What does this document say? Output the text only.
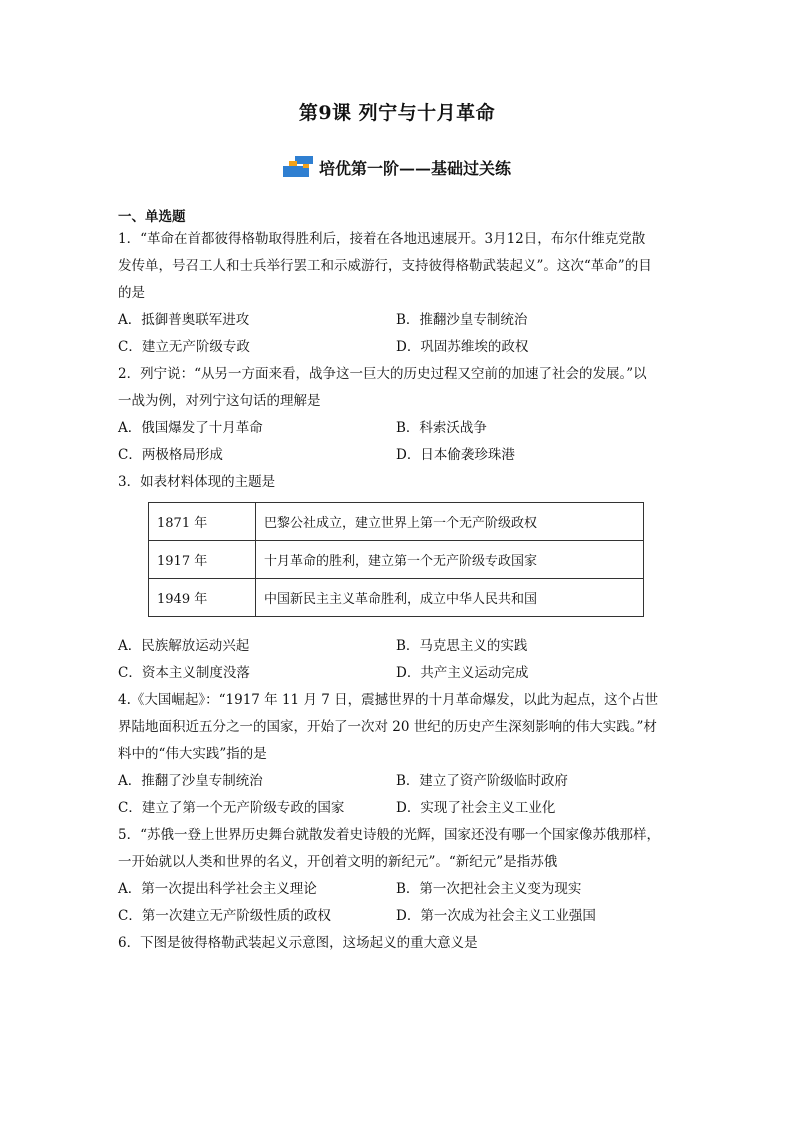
第9课 列宁与十月革命
培优第一阶——基础过关练
一、单选题
1．“革命在首都彼得格勒取得胜利后，接着在各地迅速展开。3月12日，布尔什维克党散
发传单，号召工人和士兵举行罢工和示威游行，支持彼得格勒武装起义”。这次“革命”的目
的是
A．抵御普奥联军进攻	B．推翻沙皇专制统治
C．建立无产阶级专政	D．巩固苏维埃的政权
2．列宁说：“从另一方面来看，战争这一巨大的历史过程又空前的加速了社会的发展。”以
一战为例，对列宁这句话的理解是
A．俄国爆发了十月革命	B．科索沃战争
C．两极格局形成	D．日本偷袭珍珠港
3．如表材料体现的主题是
1871 年	巴黎公社成立，建立世界上第一个无产阶级政权
1917 年	十月革命的胜利，建立第一个无产阶级专政国家
1949 年	中国新民主主义革命胜利，成立中华人民共和国
A．民族解放运动兴起	B．马克思主义的实践
C．资本主义制度没落	D．共产主义运动完成
4.《大国崛起》：“1917 年 11 月 7 日，震撼世界的十月革命爆发，以此为起点，这个占世
界陆地面积近五分之一的国家，开始了一次对 20 世纪的历史产生深刻影响的伟大实践。”材
料中的“伟大实践”指的是
A．推翻了沙皇专制统治	B．建立了资产阶级临时政府
C．建立了第一个无产阶级专政的国家	D．实现了社会主义工业化
5．“苏俄一登上世界历史舞台就散发着史诗般的光辉，国家还没有哪一个国家像苏俄那样，
一开始就以人类和世界的名义，开创着文明的新纪元”。“新纪元”是指苏俄
A．第一次提出科学社会主义理论	B．第一次把社会主义变为现实
C．第一次建立无产阶级性质的政权	D．第一次成为社会主义工业强国
6．下图是彼得格勒武装起义示意图，这场起义的重大意义是
